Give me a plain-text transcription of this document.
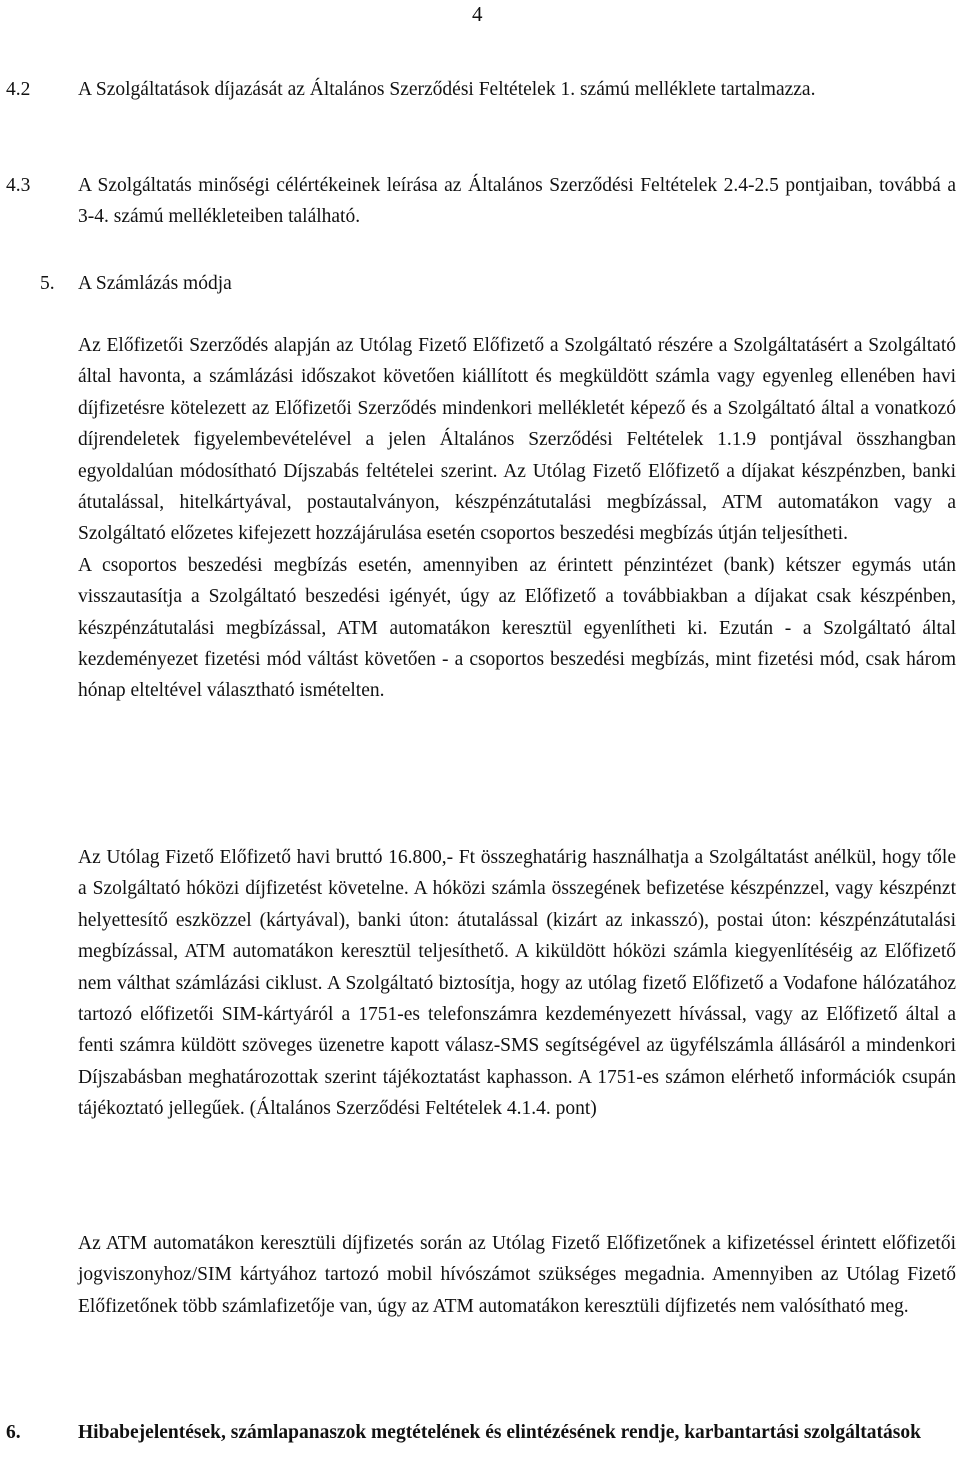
4
4.2 A Szolgáltatások díjazását az Általános Szerződési Feltételek 1. számú melléklete tartalmazza.
4.3 A Szolgáltatás minőségi célértékeinek leírása az Általános Szerződési Feltételek 2.4-2.5 pontjaiban, továbbá a 3-4. számú mellékleteiben található.
5. A Számlázás módja

Az Előfizetői Szerződés alapján az Utólag Fizető Előfizető a Szolgáltató részére a Szolgáltatásért a Szolgáltató által havonta, a számlázási időszakot követően kiállított és megküldött számla vagy egyenleg ellenében havi díjfizetésre kötelezett az Előfizetői Szerződés mindenkori mellékletét képező és a Szolgáltató által a vonatkozó díjrendeletek figyelembevételével a jelen Általános Szerződési Feltételek 1.1.9 pontjával összhangban egyoldalúan módosítható Díjszabás feltételei szerint. Az Utólag Fizető Előfizető a díjakat készpénzben, banki átutalással, hitelkártyával, postautalványon, készpénzátutalási megbízással, ATM automatákon vagy a Szolgáltató előzetes kifejezett hozzájárulása esetén csoportos beszedési megbízás útján teljesítheti.

A csoportos beszedési megbízás esetén, amennyiben az érintett pénzintézet (bank) kétszer egymás után visszautasítja a Szolgáltató beszedési igényét, úgy az Előfizető a továbbiakban a díjakat csak készpénben, készpénzátutalási megbízással, ATM automatákon keresztül egyenlítheti ki. Ezután - a Szolgáltató által kezdeményezet fizetési mód váltást követően - a csoportos beszedési megbízás, mint fizetési mód, csak három hónap elteltével választható ismételten.

Az Utólag Fizető Előfizető havi bruttó 16.800,- Ft összeghatárig használhatja a Szolgáltatást anélkül, hogy tőle a Szolgáltató hóközi díjfizetést követelne. A hóközi számla összegének befizetése készpénzzel, vagy készpénzt helyettesítő eszközzel (kártyával), banki úton: átutalással (kizárt az inkasszó), postai úton: készpénzátutalási megbízással, ATM automatákon keresztül teljesíthető. A kiküldött hóközi számla kiegyenlítéséig az Előfizető nem válthat számlázási ciklust. A Szolgáltató biztosítja, hogy az utólag fizető Előfizető a Vodafone hálózatához tartozó előfizetői SIM-kártyáról a 1751-es telefonszámra kezdeményezett hívással, vagy az Előfizető által a fenti számra küldött szöveges üzenetre kapott válasz-SMS segítségével az ügyfélszámla állásáról a mindenkori Díjszabásban meghatározottak szerint tájékoztatást kaphasson. A 1751-es számon elérhető információk csupán tájékoztató jellegűek. (Általános Szerződési Feltételek 4.1.4. pont)

Az ATM automatákon keresztüli díjfizetés során az Utólag Fizető Előfizetőnek a kifizetéssel érintett előfizetői jogviszonyhoz/SIM kártyához tartozó mobil hívószámot szükséges megadnia. Amennyiben az Utólag Fizető Előfizetőnek több számlafizetője van, úgy az ATM automatákon keresztüli díjfizetés nem valósítható meg.

6.	Hibabejelentések, számlapanaszok megtételének és elintézésének rendje, karbantartási szolgáltatások
